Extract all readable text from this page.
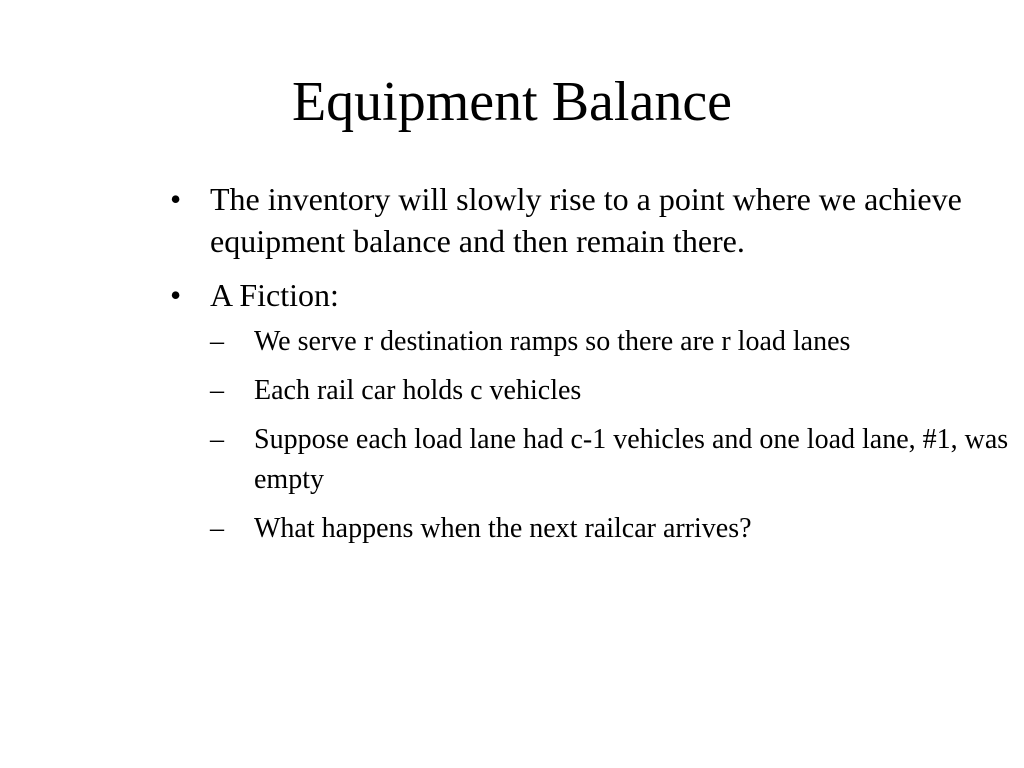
Equipment Balance
• The inventory will slowly rise to a point where we achieve equipment balance and then remain there.
• A Fiction:
–	We serve r destination ramps so there are r load lanes
–	Each rail car holds c vehicles
–	Suppose each load lane had c-1 vehicles and one load lane, #1, was empty
–	What happens when the next railcar arrives?
